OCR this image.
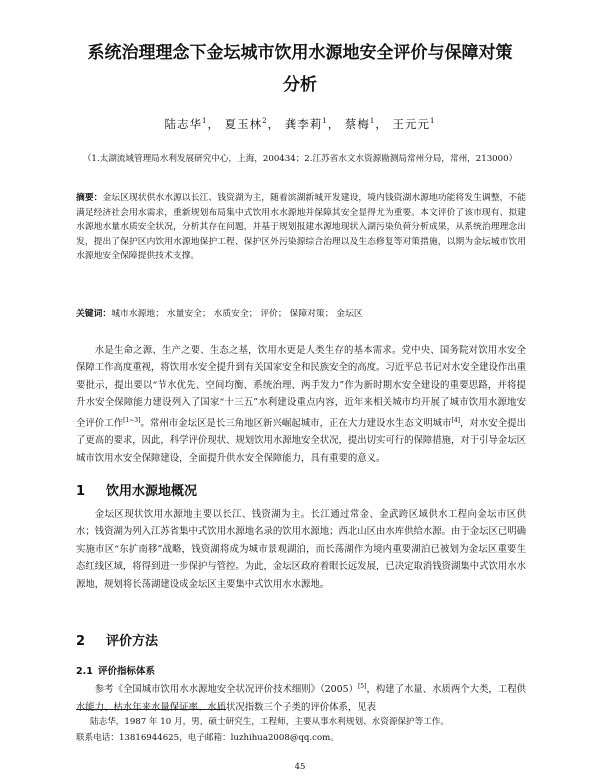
系统治理理念下金坛城市饮用水源地安全评价与保障对策
分析
陆志华$^1$， 夏玉林$^2$， 龚李莉$^1$， 蔡梅$^1$， 王元元$^1$
（1.太湖流域管理局水利发展研究中心，上海，200434；2.江苏省水文水资源勘测局常州分局，常州，213000）

摘要：金坛区现状供水水源以长江、钱资湖为主，随着滨湖新城开发建设，境内钱资湖水源地功能将发生调整，不能满足经济社会用水需求，重新规划布局集中式饮用水水源地并保障其安全显得尤为重要。本文评价了该市现有、拟建水源地水量水质安全状况，分析其存在问题，并基于规划报建水源地现状入湖污染负荷分析成果，从系统治理理念出发，提出了保护区内饮用水源地保护工程、保护区外污染源综合治理以及生态修复等对策措施，以期为金坛城市饮用水源地安全保障提供技术支撑。

关键词：城市水源地； 水量安全； 水质安全； 评价； 保障对策； 金坛区

水是生命之源、生产之要、生态之基，饮用水更是人类生存的基本需求。党中央、国务院对饮用水安全保障工作高度重视，将饮用水安全提升到有关国家安全和民族安全的高度。习近平总书记对水安全建设作出重要批示，提出要以“节水优先、空间均衡、系统治理、两手发力”作为新时期水安全建设的重要思路，并将提升水安全保障能力建设列入了国家“十三五”水利建设重点内容，近年来相关城市均开展了城市饮用水源地安全评价工作[1~3]。常州市金坛区是长三角地区新兴崛起城市，正在大力建设水生态文明城市[4]，对水安全提出了更高的要求，因此，科学评价现状、规划饮用水源地安全状况，提出切实可行的保障措施，对于引导金坛区城市饮用水安全保障建设，全面提升供水安全保障能力，具有重要的意义。

1 饮用水源地概况

金坛区现状饮用水源地主要以长江、钱资湖为主。长江通过常金、金武跨区域供水工程向金坛市区供水；钱资湖为列入江苏省集中式饮用水源地名录的饮用水源地；西北山区由水库供给水源。由于金坛区已明确实施市区“东扩南移”战略，钱资湖将成为城市景观湖泊，而长荡湖作为境内重要湖泊已被划为金坛区重要生态红线区域，将得到进一步保护与管控。为此，金坛区政府着眼长远发展，已决定取消钱资湖集中式饮用水水源地，规划将长荡湖建设成金坛区主要集中式饮用水水源地。

2 评价方法
2.1 评价指标体系

参考《全国城市饮用水水源地安全状况评价技术细则》（2005）[5]，构建了水量、水质两个大类，工程供水能力、枯水年来水量保证率、水质状况指数三个子类的评价体系，见表

陆志华，1987 年 10 月，男，硕士研究生，工程师，主要从事水利规划、水资源保护等工作。
联系电话：13816944625，电子邮箱：luzhihua2008@qq.com。

45
